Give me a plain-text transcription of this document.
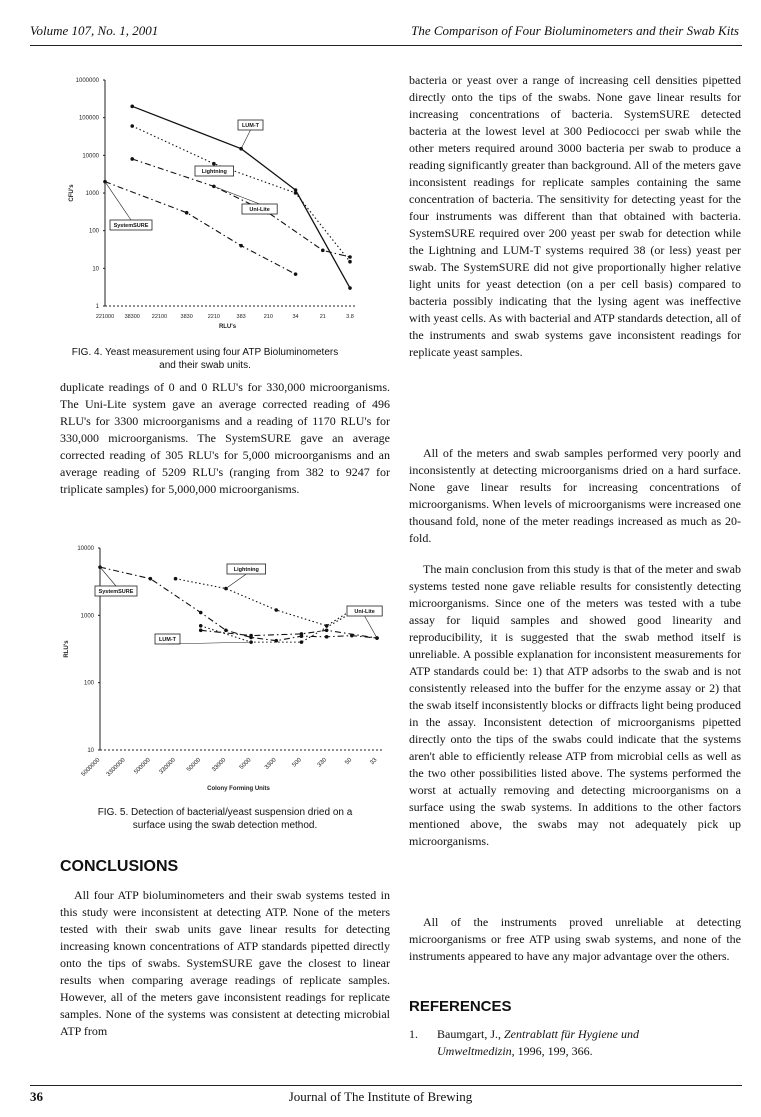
Volume 107, No. 1, 2001	The Comparison of Four Bioluminometers and their Swab Kits
1000000
100000
10000
1000
100
10
1
221000 38300 22100 3830	2210	383	210	34	21	3.8
RLU's
CFU's
LUM-T
Lightning
Uni-Lite
SystemSURE
FIG. 4. Yeast measurement using four ATP Bioluminometers
and their swab units.
duplicate readings of 0 and 0 RLU's for 330,000 microorganisms. The Uni-Lite system gave an average corrected reading of 496 RLU's for 3300 microorganisms and a reading of 1170 RLU's for 330,000 microorganisms. The SystemSURE gave an average corrected reading of 305 RLU's for 5,000 microorganisms and an average reading of 5209 RLU's (ranging from 382 to 9247 for triplicate samples) for 5,000,000 microorganisms.
10000
1000
100
10
5000000 3300000 500000 330000 50000 33000 5000 3300 500 330	50	33
Colony Forming Units
RLU's
Lightning
SystemSURE
Uni-Lite
LUM-T
FIG. 5. Detection of bacterial/yeast suspension dried on a
surface using the swab detection method.
CONCLUSIONS
All four ATP bioluminometers and their swab systems tested in this study were inconsistent at detecting ATP. None of the meters tested with their swab units gave linear results for detecting increasing known concentrations of ATP standards pipetted directly onto the tips of swabs. SystemSURE gave the closest to linear results when comparing average readings of replicate samples. However, all of the meters gave inconsistent readings for replicate samples. None of the systems was consistent at detecting microbial ATP from
bacteria or yeast over a range of increasing cell densities pipetted directly onto the tips of the swabs. None gave linear results for increasing concentrations of bacteria. SystemSURE detected bacteria at the lowest level at 300 Pediococci per swab while the other meters required around 3000 bacteria per swab to produce a reading significantly greater than background. All of the meters gave inconsistent readings for replicate samples containing the same concentration of bacteria. The sensitivity for detecting yeast for the four instruments was different than that obtained with bacteria. SystemSURE required over 200 yeast per swab for detection while the Lightning and LUM-T systems required 38 (or less) yeast per swab. The SystemSURE did not give proportionally higher relative light units for yeast detection (on a per cell basis) compared to bacteria possibly indicating that the lysing agent was ineffective with yeast cells. As with bacterial and ATP standards detection, all of the instruments and swab systems gave inconsistent readings for replicate yeast samples.
All of the meters and swab samples performed very poorly and inconsistently at detecting microorganisms dried on a hard surface. None gave linear results for increasing concentrations of microorganisms. When levels of microorganisms were increased one thousand fold, none of the meter readings increased as much as 20-fold.
The main conclusion from this study is that of the meter and swab systems tested none gave reliable results for consistently detecting microorganisms. Since one of the meters was tested with a tube assay for liquid samples and showed good linearity and reproducibility, it is suggested that the swab method itself is unreliable. A possible explanation for inconsistent measurements for ATP standards could be: 1) that ATP adsorbs to the swab and is not consistently released into the buffer for the enzyme assay or 2) that the swab itself inconsistently blocks or diffracts light being produced in the assay. Inconsistent detection of microorganisms pipetted directly onto the tips of the swabs could indicate that the systems aren't able to efficiently release ATP from microbial cells as well as the two other possibilities listed above. The systems performed the worst at actually removing and detecting microorganisms on a surface using the swab systems. In additions to the other factors mentioned above, the swabs may not adequately pick up microorganisms.
All of the instruments proved unreliable at detecting microorganisms or free ATP using swab systems, and none of the instruments appeared to have any major advantage over the others.
REFERENCES
1. Baumgart, J., Zentrablatt für Hygiene und
Umweltmedizin, 1996, 199, 366.
36	Journal of The Institute of Brewing
